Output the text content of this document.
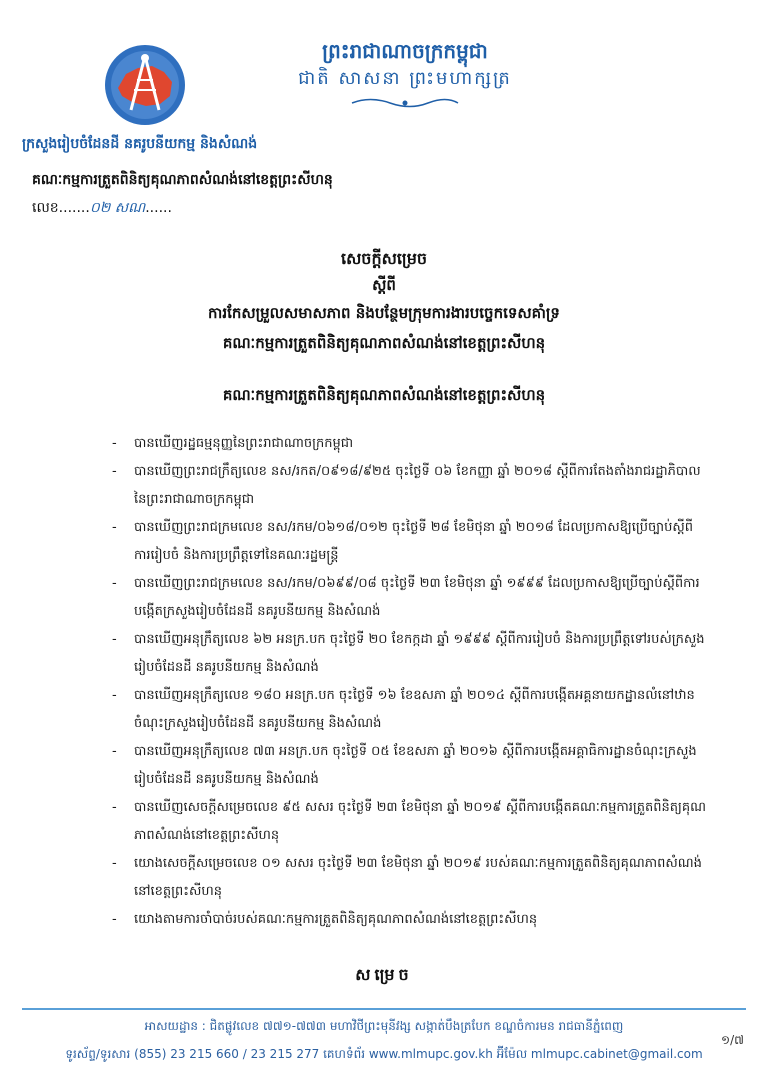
ព្រះរាជាណាចក្រកម្ពុជា
ជាតិ សាសនា ព្រះមហាក្សត្រ
ក្រសួងរៀបចំដែនដី នគរូបនីយកម្ម និងសំណង់
គណៈកម្មការត្រួតពិនិត្យគុណភាពសំណង់នៅខេត្តព្រះសីហនុ
លេខ.......០២ សណ......
សេចក្ដីសម្រេច
ស្ដីពី
ការកែសម្រួលសមាសភាព និងបន្ថែមក្រុមការងារបច្ចេកទេសគាំទ្រ
គណៈកម្មការត្រួតពិនិត្យគុណភាពសំណង់នៅខេត្តព្រះសីហនុ
គណៈកម្មការត្រួតពិនិត្យគុណភាពសំណង់នៅខេត្តព្រះសីហនុ
- បានឃើញរដ្ឋធម្មនុញ្ញនៃព្រះរាជាណាចក្រកម្ពុជា
- បានឃើញព្រះរាជក្រឹត្យលេខ នស/រកត/០៩១៨/៩២៥ ចុះថ្ងៃទី ០៦ ខែកញ្ញា ឆ្នាំ ២០១៨ ស្ដីពីការតែងតាំងរាជរដ្ឋាភិបាលនៃព្រះរាជាណាចក្រកម្ពុជា
- បានឃើញព្រះរាជក្រមលេខ នស/រកម/០៦១៨/០១២ ចុះថ្ងៃទី ២៨ ខែមិថុនា ឆ្នាំ ២០១៨ ដែលប្រកាសឱ្យប្រើច្បាប់ស្ដីពីការរៀបចំ និងការប្រព្រឹត្តទៅនៃគណៈរដ្ឋមន្ត្រី
- បានឃើញព្រះរាជក្រមលេខ នស/រកម/០៦៩៩/០៨ ចុះថ្ងៃទី ២៣ ខែមិថុនា ឆ្នាំ ១៩៩៩ ដែលប្រកាសឱ្យប្រើច្បាប់ស្ដីពីការបង្កើតក្រសួងរៀបចំដែនដី នគរូបនីយកម្ម និងសំណង់
- បានឃើញអនុក្រឹត្យលេខ ៦២ អនក្រ.បក ចុះថ្ងៃទី ២០ ខែកក្កដា ឆ្នាំ ១៩៩៩ ស្ដីពីការរៀបចំ និងការប្រព្រឹត្តទៅរបស់ក្រសួងរៀបចំដែនដី នគរូបនីយកម្ម និងសំណង់
- បានឃើញអនុក្រឹត្យលេខ ១៨០ អនក្រ.បក ចុះថ្ងៃទី ១៦ ខែឧសភា ឆ្នាំ ២០១៤ ស្ដីពីការបង្កើតអគ្គនាយកដ្ឋានលំនៅឋានចំណុះក្រសួងរៀបចំដែនដី នគរូបនីយកម្ម និងសំណង់
- បានឃើញអនុក្រឹត្យលេខ ៧៣ អនក្រ.បក ចុះថ្ងៃទី ០៥ ខែឧសភា ឆ្នាំ ២០១៦ ស្ដីពីការបង្កើតអគ្គាធិការដ្ឋានចំណុះក្រសួងរៀបចំដែនដី នគរូបនីយកម្ម និងសំណង់
- បានឃើញសេចក្ដីសម្រេចលេខ ៩៥ សសរ ចុះថ្ងៃទី ២៣ ខែមិថុនា ឆ្នាំ ២០១៩ ស្ដីពីការបង្កើតគណៈកម្មការត្រួតពិនិត្យគុណភាពសំណង់នៅខេត្តព្រះសីហនុ
- យោងសេចក្ដីសម្រេចលេខ ០១ សសរ ចុះថ្ងៃទី ២៣ ខែមិថុនា ឆ្នាំ ២០១៩ របស់គណៈកម្មការត្រួតពិនិត្យគុណភាពសំណង់នៅខេត្តព្រះសីហនុ
- យោងតាមការចាំបាច់របស់គណៈកម្មការត្រួតពិនិត្យគុណភាពសំណង់នៅខេត្តព្រះសីហនុ
សម្រេច
អាសយដ្ឋាន : ជិតផ្លូវលេខ ៧៧១-៧៧៣ មហាវិថីព្រះមុនីវង្ស សង្កាត់បឹងត្របែក ខណ្ឌចំការមន រាជធានីភ្នំពេញ
ទូរស័ព្ទ/ទូរសារ (855) 23 215 660 / 23 215 277 គេហទំព័រ www.mlmupc.gov.kh អ៊ីម៉ែល mlmupc.cabinet@gmail.com
១/៧
